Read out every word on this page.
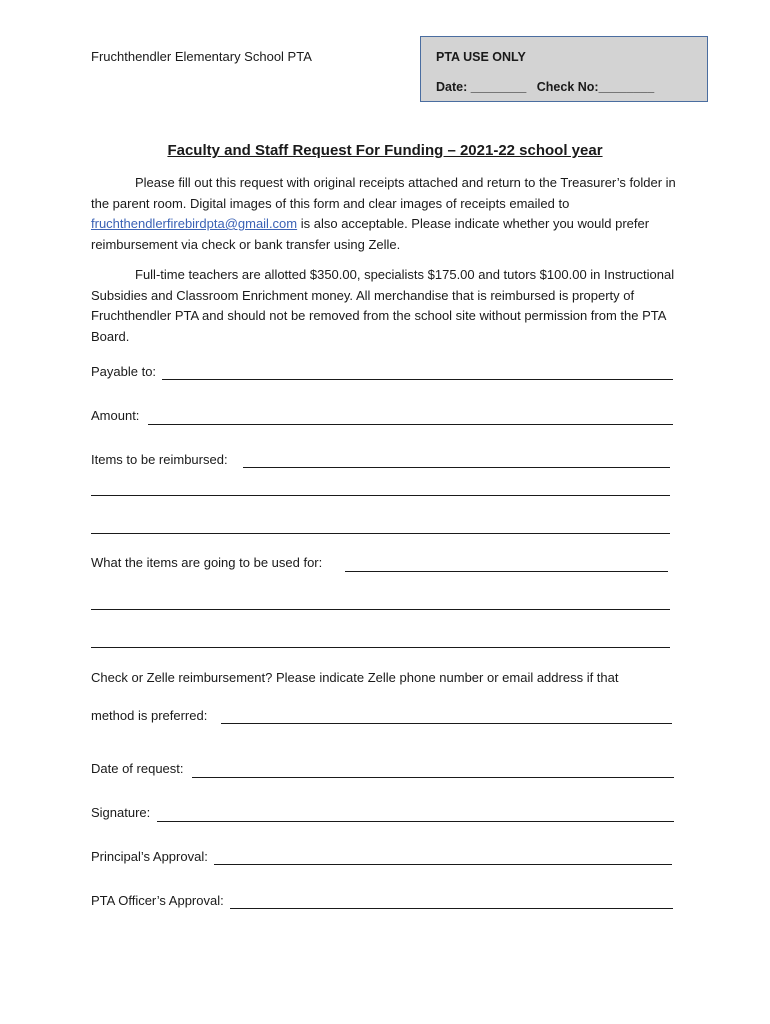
Fruchthendler Elementary School PTA	PTA USE ONLY
Date: ________   Check No:________
Faculty and Staff Request For Funding – 2021-22 school year

Please fill out this request with original receipts attached and return to the Treasurer’s folder in the parent room. Digital images of this form and clear images of receipts emailed to fruchthendlerfirebirdpta@gmail.com is also acceptable. Please indicate whether you would prefer reimbursement via check or bank transfer using Zelle.

Full-time teachers are allotted $350.00, specialists $175.00 and tutors $100.00 in Instructional Subsidies and Classroom Enrichment money. All merchandise that is reimbursed is property of Fruchthendler PTA and should not be removed from the school site without permission from the PTA Board.

Payable to:
Amount:
Items to be reimbursed:
What the items are going to be used for:
Check or Zelle reimbursement? Please indicate Zelle phone number or email address if that
method is preferred:
Date of request:
Signature:
Principal’s Approval:
PTA Officer’s Approval:
